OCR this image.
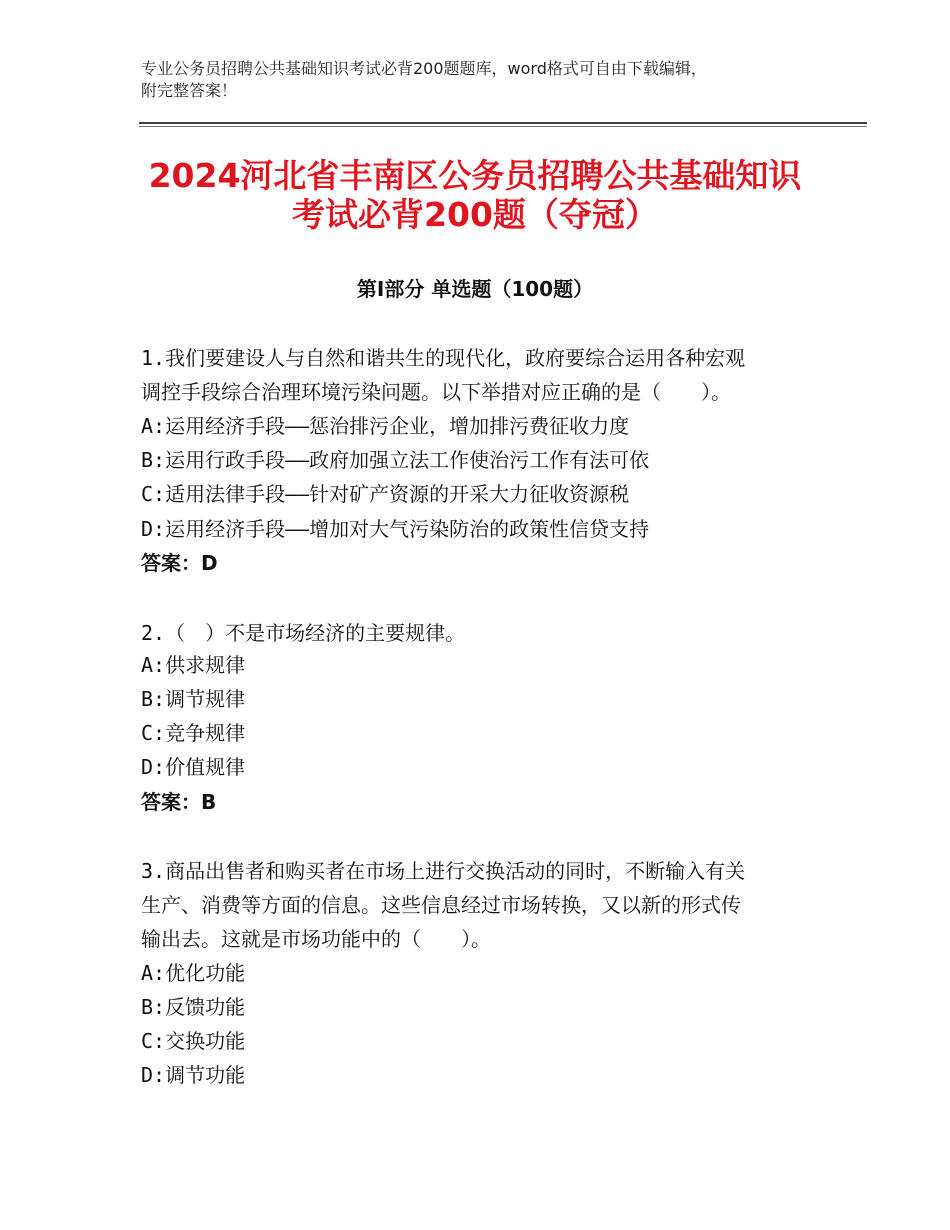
专业公务员招聘公共基础知识考试必背200题题库，word格式可自由下载编辑，
附完整答案！
2024河北省丰南区公务员招聘公共基础知识
考试必背200题（夺冠）
第Ⅰ部分 单选题（100题）
1.我们要建设人与自然和谐共生的现代化，政府要综合运用各种宏观
调控手段综合治理环境污染问题。以下举措对应正确的是（　　）。
A:运用经济手段——惩治排污企业，增加排污费征收力度
B:运用行政手段——政府加强立法工作使治污工作有法可依
C:适用法律手段——针对矿产资源的开采大力征收资源税
D:运用经济手段——增加对大气污染防治的政策性信贷支持
答案：D
2.（　）不是市场经济的主要规律。
A:供求规律
B:调节规律
C:竞争规律
D:价值规律
答案：B
3.商品出售者和购买者在市场上进行交换活动的同时，不断输入有关
生产、消费等方面的信息。这些信息经过市场转换，又以新的形式传
输出去。这就是市场功能中的（　　）。
A:优化功能
B:反馈功能
C:交换功能
D:调节功能
